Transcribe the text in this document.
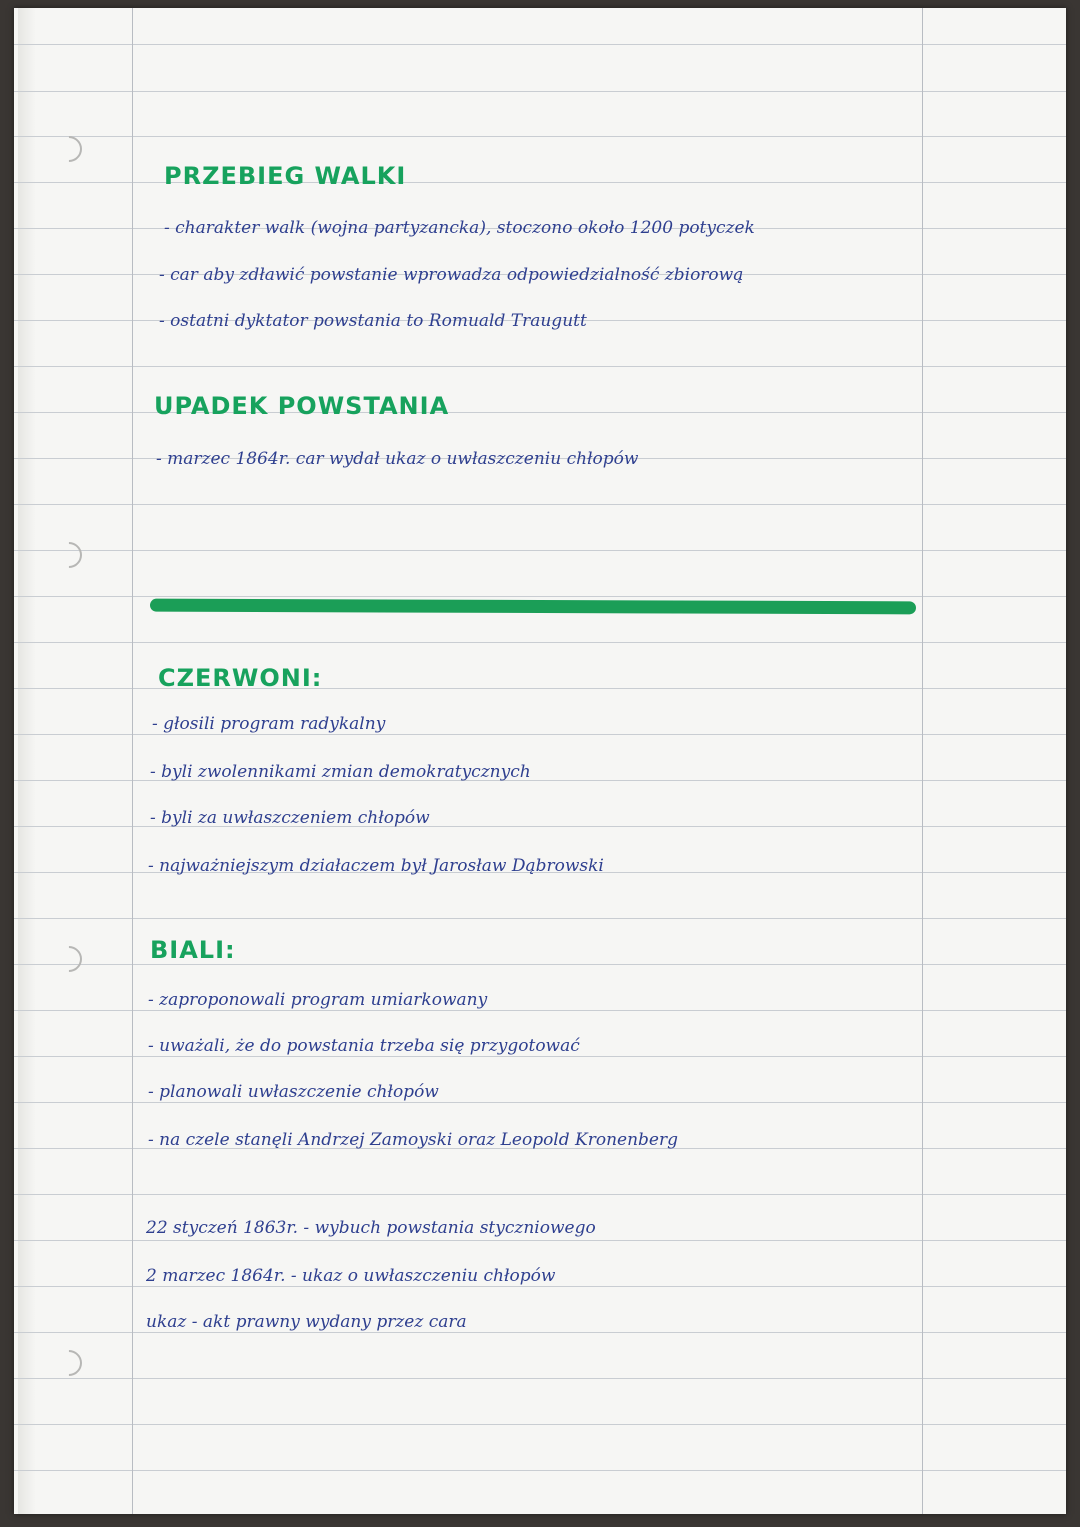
PRZEBIEG WALKI

- charakter walk (wojna partyzancka), stoczono około 1200 potyczek

- car aby zdławić powstanie wprowadza odpowiedzialność zbiorową

- ostatni dyktator powstania to Romuald Traugutt

UPADEK POWSTANIA

- marzec 1864r. car wydał ukaz o uwłaszczeniu chłopów

CZERWONI:

- głosili program radykalny

- byli zwolennikami zmian demokratycznych

- byli za uwłaszczeniem chłopów

- najważniejszym działaczem był Jarosław Dąbrowski

BIALI:

- zaproponowali program umiarkowany

- uważali, że do powstania trzeba się przygotować

- planowali uwłaszczenie chłopów

- na czele stanęli Andrzej Zamoyski oraz Leopold Kronenberg

22 styczeń 1863r. - wybuch powstania styczniowego

2 marzec 1864r. - ukaz o uwłaszczeniu chłopów

ukaz - akt prawny wydany przez cara
